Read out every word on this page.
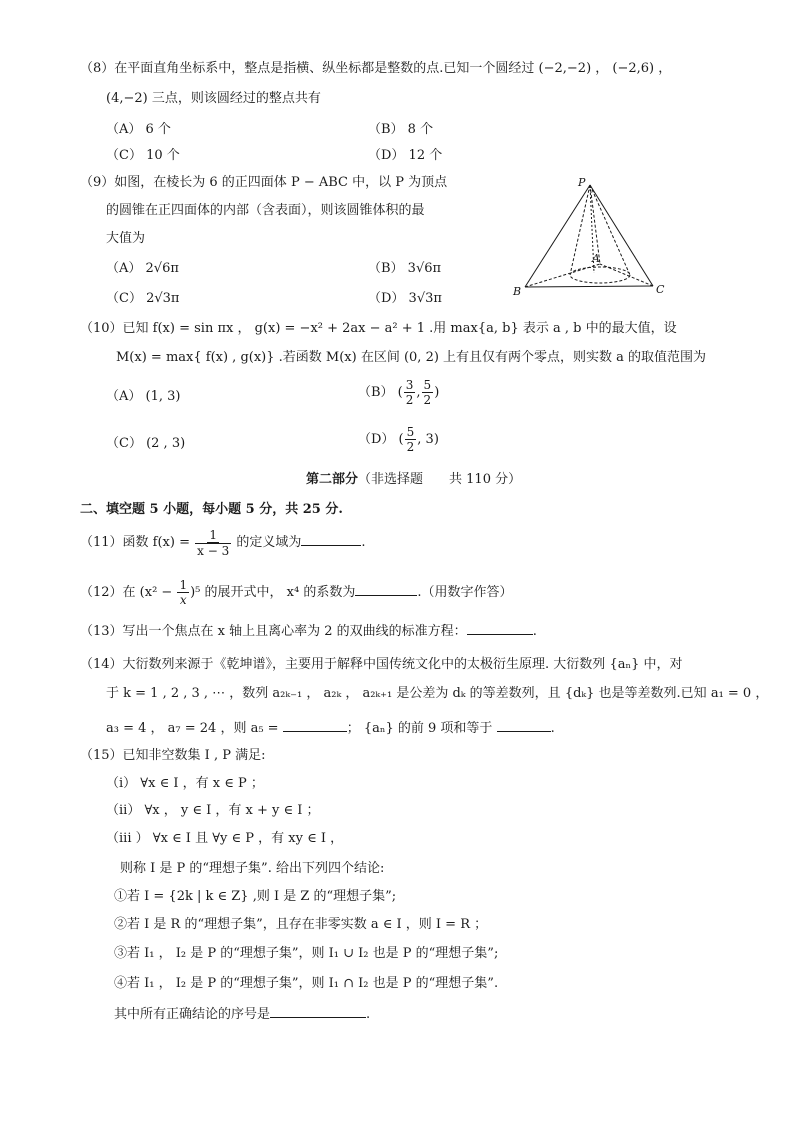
（8）在平面直角坐标系中，整点是指横、纵坐标都是整数的点.已知一个圆经过 (−2,−2) ， (−2,6) ，
(4,−2) 三点，则该圆经过的整点共有
（A） 6 个	（B） 8 个
（C） 10 个	（D） 12 个
（9）如图，在棱长为 6 的正四面体 P − ABC 中，以 P 为顶点
的圆锥在正四面体的内部（含表面），则该圆锥体积的最
大值为
（A） 2√6π	（B） 3√6π
（C） 2√3π	（D） 3√3π
P
A
B	C
（10）已知 f(x) = sin πx ， g(x) = −x² + 2ax − a² + 1 .用 max{a, b} 表示 a , b 中的最大值，设
M(x) = max{ f(x) , g(x)} .若函数 M(x) 在区间 (0, 2) 上有且仅有两个零点，则实数 a 的取值范围为
（A） (1, 3)	（B） ( $\frac{3}{2}$ , $\frac{5}{2}$ )
（C） (2 , 3)	（D） ( $\frac{5}{2}$ , 3)
第二部分（非选择题　　共 110 分）
二、填空题 5 小题，每小题 5 分，共 25 分.
（11）函数 $f(x) = \frac{1}{x - 3}$ 的定义域为	.
（12）在 $(x^2 - \frac{1}{x} )^5$ 的展开式中， x⁴ 的系数为	.（用数字作答）
（13）写出一个焦点在 x 轴上且离心率为 2 的双曲线的标准方程：	.
（14）大衍数列来源于《乾坤谱》，主要用于解释中国传统文化中的太极衍生原理. 大衍数列 {aₙ} 中，对
于 k = 1 , 2 , 3 , ⋯ ，数列 a₂ₖ₋₁ ， a₂ₖ ， a₂ₖ₊₁ 是公差为 dₖ 的等差数列，且 {dₖ} 也是等差数列.已知 a₁ = 0 ，
a₃ = 4 ， a₇ = 24 ，则 a₅ =	； {aₙ} 的前 9 项和等于	.
（15）已知非空数集 I , P 满足:
（i） ∀x ∈ I ，有 x ∈ P ；
（ii） ∀x ， y ∈ I ，有 x + y ∈ I ；
（iii ） ∀x ∈ I 且 ∀y ∈ P ，有 xy ∈ I ，
则称 I 是 P 的“理想子集”. 给出下列四个结论:
①若 I = {2k | k ∈ Z} ,则 I 是 Z 的“理想子集”;
②若 I 是 R 的“理想子集”，且存在非零实数 a ∈ I ，则 I = R ；
③若 I₁ ， I₂ 是 P 的“理想子集”，则 I₁ ∪ I₂ 也是 P 的“理想子集”;
④若 I₁ ， I₂ 是 P 的“理想子集”，则 I₁ ∩ I₂ 也是 P 的“理想子集”.
其中所有正确结论的序号是	.
